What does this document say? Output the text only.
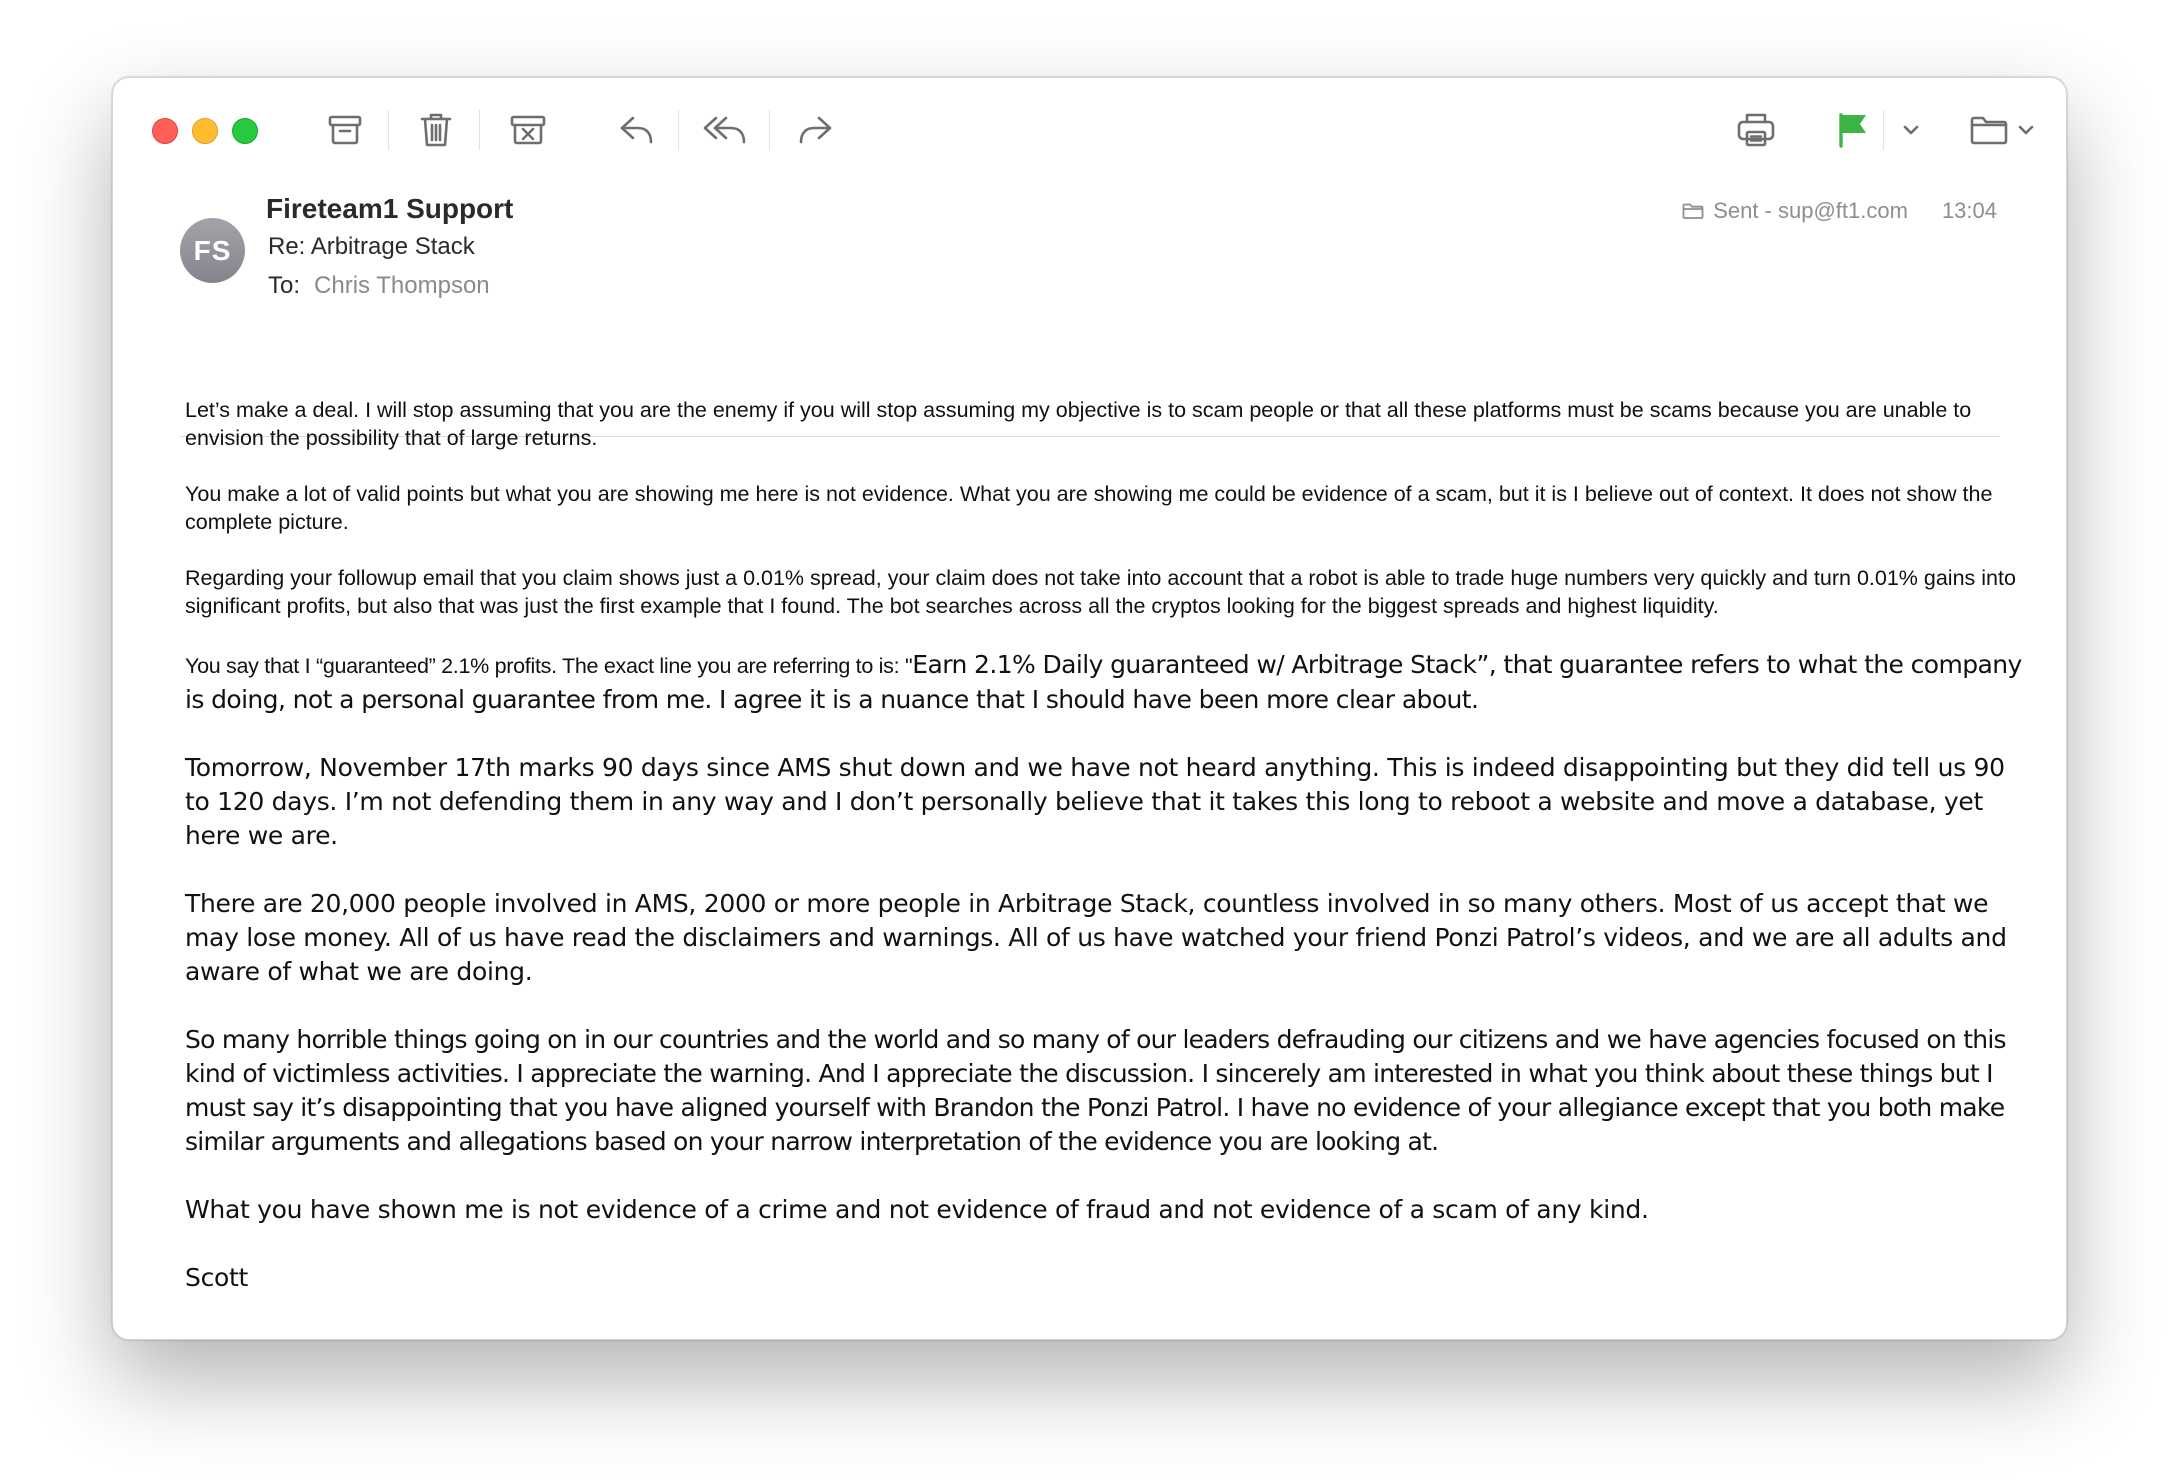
FS
Fireteam1 Support
Re: Arbitrage Stack
To: Chris Thompson
Sent - sup@ft1.com 13:04

Let’s make a deal. I will stop assuming that you are the enemy if you will stop assuming my objective is to scam people or that all these platforms must be scams because you are unable to envision the possibility that of large returns.

You make a lot of valid points but what you are showing me here is not evidence. What you are showing me could be evidence of a scam, but it is I believe out of context. It does not show the complete picture.

Regarding your followup email that you claim shows just a 0.01% spread, your claim does not take into account that a robot is able to trade huge numbers very quickly and turn 0.01% gains into significant profits, but also that was just the first example that I found. The bot searches across all the cryptos looking for the biggest spreads and highest liquidity.

You say that I “guaranteed” 2.1% profits. The exact line you are referring to is: "Earn 2.1% Daily guaranteed w/ Arbitrage Stack”, that guarantee refers to what the company is doing, not a personal guarantee from me. I agree it is a nuance that I should have been more clear about.

Tomorrow, November 17th marks 90 days since AMS shut down and we have not heard anything. This is indeed disappointing but they did tell us 90 to 120 days. I’m not defending them in any way and I don’t personally believe that it takes this long to reboot a website and move a database, yet here we are.

There are 20,000 people involved in AMS, 2000 or more people in Arbitrage Stack, countless involved in so many others. Most of us accept that we may lose money. All of us have read the disclaimers and warnings. All of us have watched your friend Ponzi Patrol’s videos, and we are all adults and aware of what we are doing.

So many horrible things going on in our countries and the world and so many of our leaders defrauding our citizens and we have agencies focused on this kind of victimless activities. I appreciate the warning. And I appreciate the discussion. I sincerely am interested in what you think about these things but I must say it’s disappointing that you have aligned yourself with Brandon the Ponzi Patrol. I have no evidence of your allegiance except that you both make similar arguments and allegations based on your narrow interpretation of the evidence you are looking at.

What you have shown me is not evidence of a crime and not evidence of fraud and not evidence of a scam of any kind.

Scott
